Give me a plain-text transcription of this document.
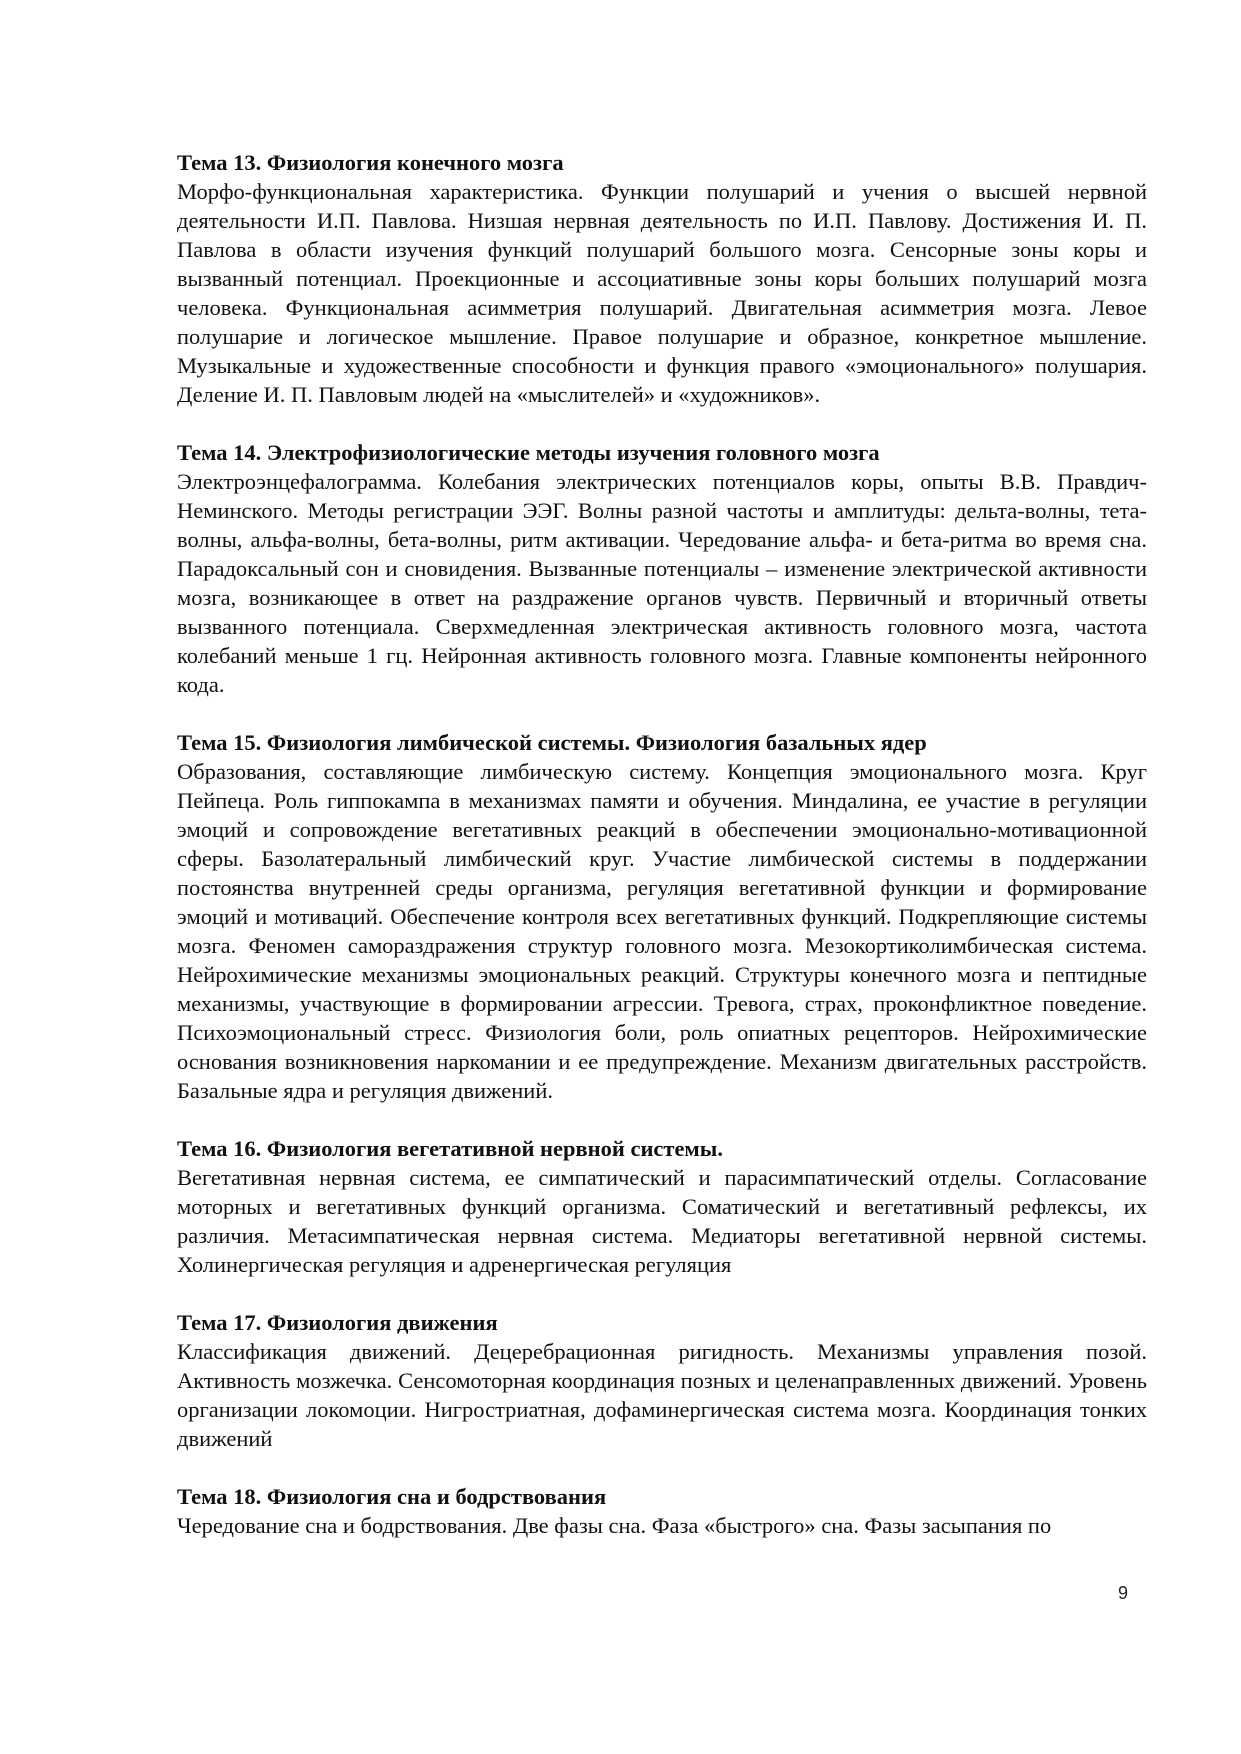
Тема 13. Физиология конечного мозга

Морфо-функциональная характеристика. Функции полушарий и учения о высшей нервной деятельности И.П. Павлова. Низшая нервная деятельность по И.П. Павлову. Достижения И. П. Павлова в области изучения функций полушарий большого мозга. Сенсорные зоны коры и вызванный потенциал. Проекционные и ассоциативные зоны коры больших полушарий мозга человека. Функциональная асимметрия полушарий. Двигательная асимметрия мозга. Левое полушарие и логическое мышление. Правое полушарие и образное, конкретное мышление. Музыкальные и художественные способности и функция правого «эмоционального» полушария. Деление И. П. Павловым людей на «мыслителей» и «художников».

Тема 14. Электрофизиологические методы изучения головного мозга

Электроэнцефалограмма. Колебания электрических потенциалов коры, опыты В.В. Правдич-Неминского. Методы регистрации ЭЭГ. Волны разной частоты и амплитуды: дельта-волны, тета-волны, альфа-волны, бета-волны, ритм активации. Чередование альфа- и бета-ритма во время сна. Парадоксальный сон и сновидения. Вызванные потенциалы – изменение электрической активности мозга, возникающее в ответ на раздражение органов чувств. Первичный и вторичный ответы вызванного потенциала. Сверхмедленная электрическая активность головного мозга, частота колебаний меньше 1 гц. Нейронная активность головного мозга. Главные компоненты нейронного кода.

Тема 15. Физиология лимбической системы. Физиология базальных ядер

Образования, составляющие лимбическую систему. Концепция эмоционального мозга. Круг Пейпеца. Роль гиппокампа в механизмах памяти и обучения. Миндалина, ее участие в регуляции эмоций и сопровождение вегетативных реакций в обеспечении эмоционально-мотивационной сферы. Базолатеральный лимбический круг. Участие лимбической системы в поддержании постоянства внутренней среды организма, регуляция вегетативной функции и формирование эмоций и мотиваций. Обеспечение контроля всех вегетативных функций. Подкрепляющие системы мозга. Феномен самораздражения структур головного мозга. Мезокортиколимбическая система. Нейрохимические механизмы эмоциональных реакций. Структуры конечного мозга и пептидные механизмы, участвующие в формировании агрессии. Тревога, страх, проконфликтное поведение. Психоэмоциональный стресс. Физиология боли, роль опиатных рецепторов. Нейрохимические основания возникновения наркомании и ее предупреждение. Механизм двигательных расстройств. Базальные ядра и регуляция движений.

Тема 16. Физиология вегетативной нервной системы.

Вегетативная нервная система, ее симпатический и парасимпатический отделы. Согласование моторных и вегетативных функций организма. Соматический и вегетативный рефлексы, их различия. Метасимпатическая нервная система. Медиаторы вегетативной нервной системы. Холинергическая регуляция и адренергическая регуляция

Тема 17. Физиология движения

Классификация движений. Децеребрационная ригидность. Механизмы управления позой. Активность мозжечка. Сенсомоторная координация позных и целенаправленных движений. Уровень организации локомоции. Нигростриатная, дофаминергическая система мозга. Координация тонких движений

Тема 18. Физиология сна и бодрствования

Чередование сна и бодрствования. Две фазы сна. Фаза «быстрого» сна. Фазы засыпания по

9
